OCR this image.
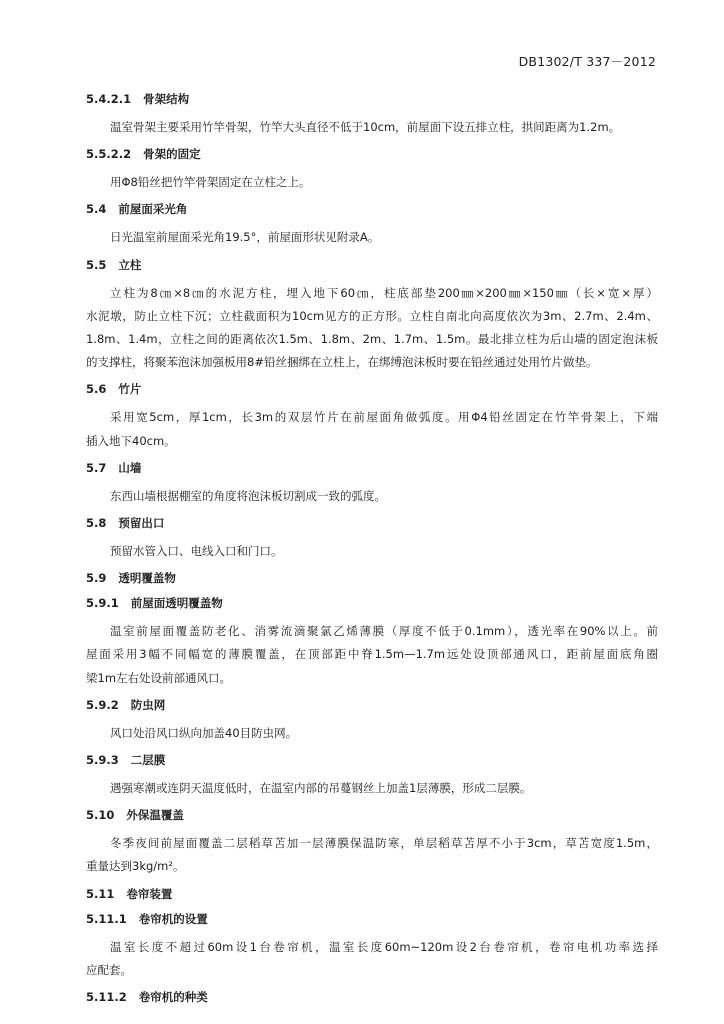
DB1302/T 337－2012
5.4.2.1 骨架结构
温室骨架主要采用竹竿骨架，竹竿大头直径不低于10cm，前屋面下设五排立柱，拱间距离为1.2m。
5.5.2.2 骨架的固定
用Φ8铅丝把竹竿骨架固定在立柱之上。
5.4 前屋面采光角
日光温室前屋面采光角19.5°，前屋面形状见附录A。
5.5 立柱
立柱为8㎝×8㎝的水泥方柱，埋入地下60㎝，柱底部垫200㎜×200㎜×150㎜（长×宽×厚）
水泥墩，防止立柱下沉；立柱截面积为10cm见方的正方形。立柱自南北向高度依次为3m、2.7m、2.4m、
1.8m、1.4m，立柱之间的距离依次1.5m、1.8m、2m、1.7m、1.5m。最北排立柱为后山墙的固定泡沫板
的支撑柱，将聚苯泡沫加强板用8#铅丝捆绑在立柱上，在绑缚泡沫板时要在铅丝通过处用竹片做垫。
5.6 竹片
采用宽5cm，厚1cm，长3m的双层竹片在前屋面角做弧度。用Φ4铅丝固定在竹竿骨架上，下端
插入地下40cm。
5.7 山墙
东西山墙根据棚室的角度将泡沫板切割成一致的弧度。
5.8 预留出口
预留水管入口、电线入口和门口。
5.9 透明覆盖物
5.9.1 前屋面透明覆盖物
温室前屋面覆盖防老化、消雾流滴聚氯乙烯薄膜（厚度不低于0.1mm），透光率在90%以上。前
屋面采用3幅不同幅宽的薄膜覆盖，在顶部距中脊1.5m—1.7m远处设顶部通风口，距前屋面底角圈
梁1m左右处设前部通风口。
5.9.2 防虫网
风口处沿风口纵向加盖40目防虫网。
5.9.3 二层膜
遇强寒潮或连阴天温度低时，在温室内部的吊蔓钢丝上加盖1层薄膜，形成二层膜。
5.10 外保温覆盖
冬季夜间前屋面覆盖二层稻草苫加一层薄膜保温防寒，单层稻草苫厚不小于3cm，草苫宽度1.5m，
重量达到3kg/m²。
5.11 卷帘装置
5.11.1 卷帘机的设置
温室长度不超过60m设1台卷帘机，温室长度60m~120m设2台卷帘机，卷帘电机功率选择
应配套。
5.11.2 卷帘机的种类
